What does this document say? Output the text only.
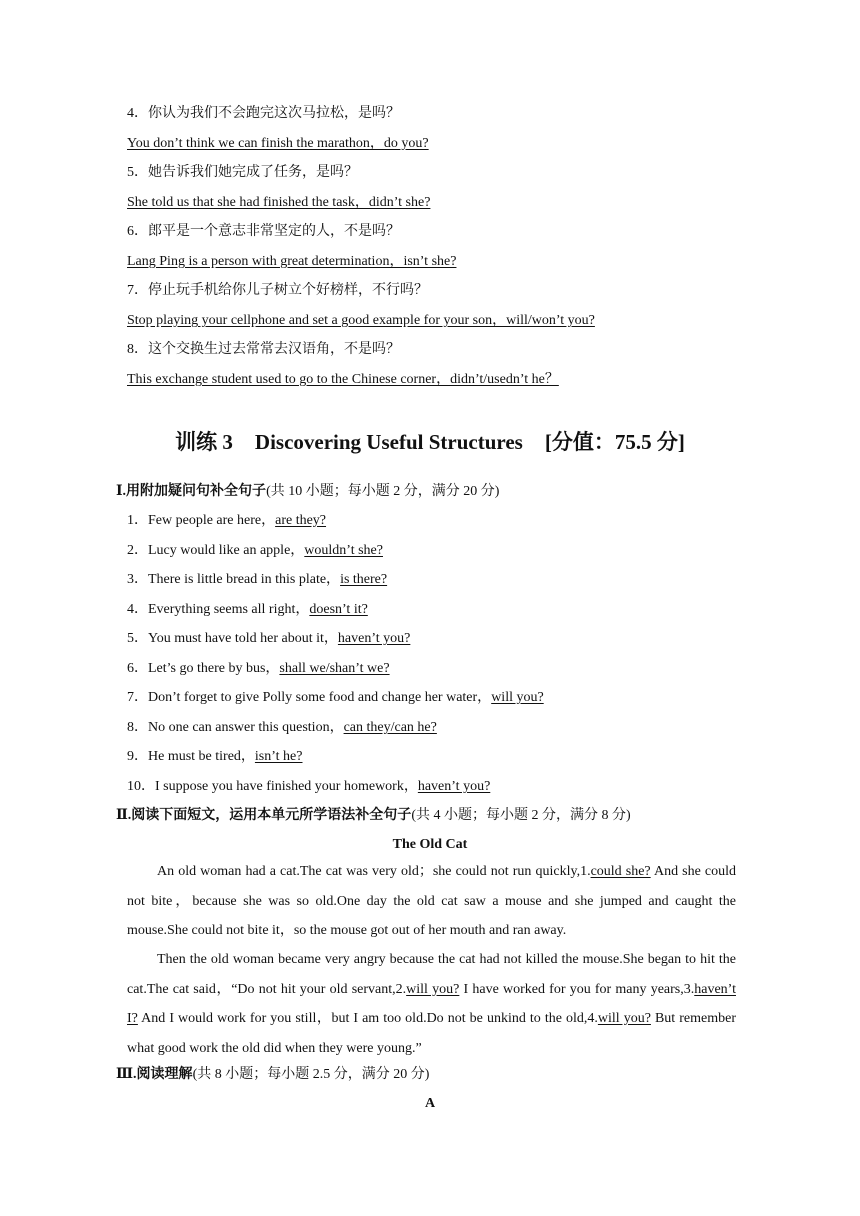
4．你认为我们不会跑完这次马拉松，是吗？
You don’t think we can finish the marathon，do you?
5．她告诉我们她完成了任务，是吗？
She told us that she had finished the task，didn’t she?
6．郎平是一个意志非常坚定的人，不是吗？
Lang Ping is a person with great determination，isn’t she?
7．停止玩手机给你儿子树立个好榜样，不行吗？
Stop playing your cellphone and set a good example for your son，will/won’t you?
8．这个交换生过去常常去汉语角，不是吗？
This exchange student used to go to the Chinese corner，didn’t/usedn’t he？
训练 3 Discovering Useful Structures [分值：75.5 分]
Ⅰ.用附加疑问句补全句子(共 10 小题；每小题 2 分，满分 20 分)
1．Few people are here，are they?
2．Lucy would like an apple，wouldn’t she?
3．There is little bread in this plate，is there?
4．Everything seems all right，doesn’t it?
5．You must have told her about it，haven’t you?
6．Let’s go there by bus，shall we/shan’t we?
7．Don’t forget to give Polly some food and change her water，will you?
8．No one can answer this question，can they/can he?
9．He must be tired，isn’t he?
10．I suppose you have finished your homework，haven’t you?
Ⅱ.阅读下面短文，运用本单元所学语法补全句子(共 4 小题；每小题 2 分，满分 8 分)
The Old Cat
An old woman had a cat.The cat was very old；she could not run quickly,1.could she? And she could not bite，because she was so old.One day the old cat saw a mouse and she jumped and caught the mouse.She could not bite it，so the mouse got out of her mouth and ran away.
Then the old woman became very angry because the cat had not killed the mouse.She began to hit the cat.The cat said，“Do not hit your old servant,2.will you? I have worked for you for many years,3.haven’t I? And I would work for you still，but I am too old.Do not be unkind to the old,4.will you? But remember what good work the old did when they were young.”
Ⅲ.阅读理解(共 8 小题；每小题 2.5 分，满分 20 分)
A
